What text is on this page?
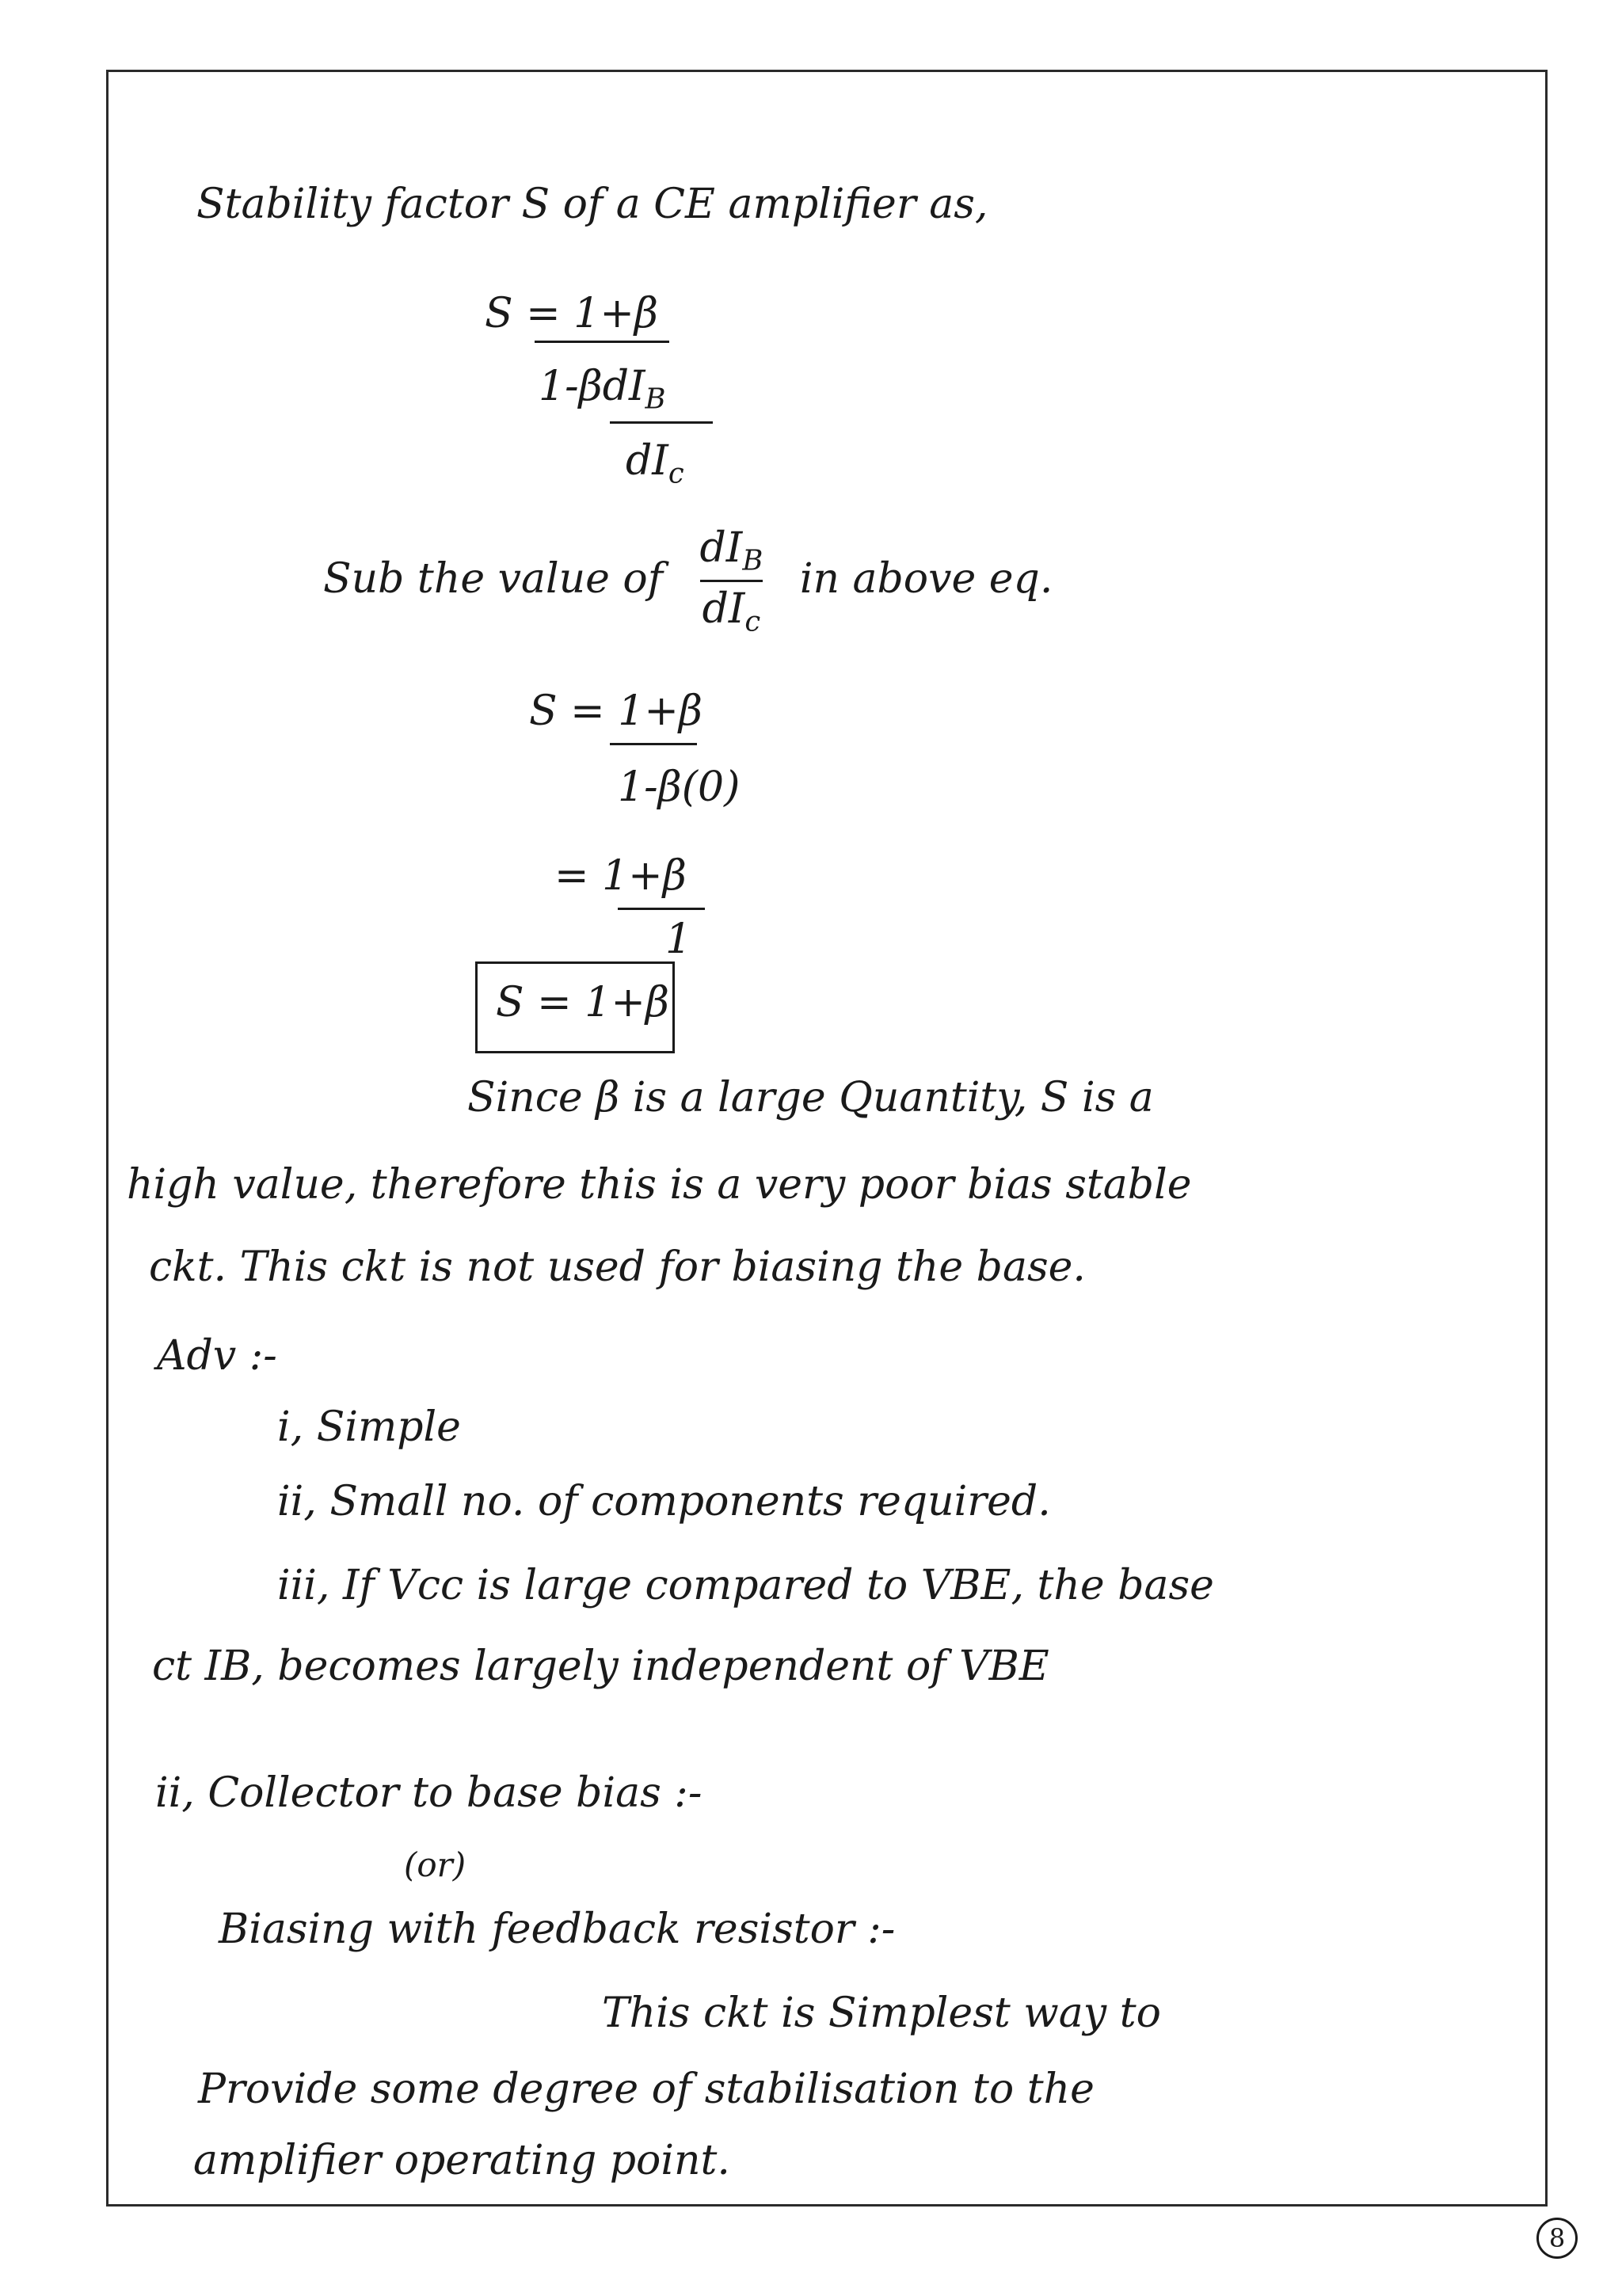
Stability factor S of a CE amplifier as,
S = 1+β
1-βdI$_B$
$dI_c$
Sub the value of
$dI_B$
$dI_c$
in above eq.
S = 1+β
1-β(0)
= 1+β
1
S = 1+β
Since β is a large Quantity, S is a
high value, therefore this is a very poor bias stable
ckt. This ckt is not used for biasing the base.
Adv :-
i, Simple
ii, Small no. of components required.
iii, If Vcc is large compared to VBE, the base
ct IB, becomes largely independent of VBE
ii, Collector to base bias :-
(or)
Biasing with feedback resistor :-
This ckt is Simplest way to
Provide some degree of stabilisation to the
amplifier operating point.
8
